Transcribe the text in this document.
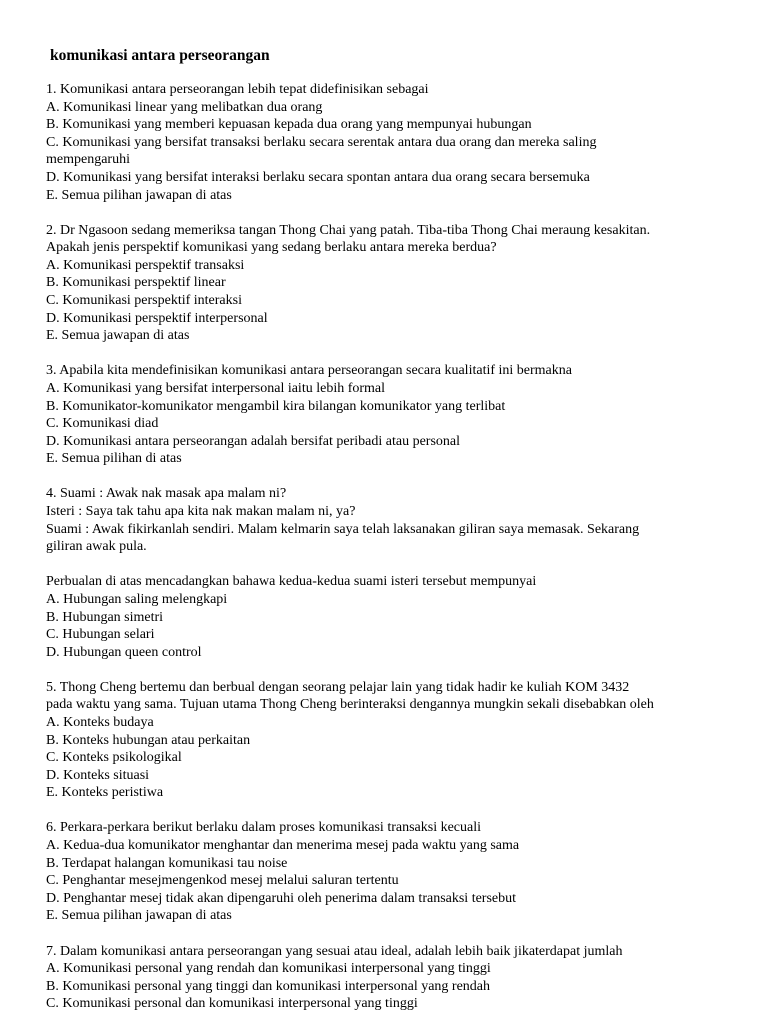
komunikasi antara perseorangan
1. Komunikasi antara perseorangan lebih tepat didefinisikan sebagai
A. Komunikasi linear yang melibatkan dua orang
B. Komunikasi yang memberi kepuasan kepada dua orang yang mempunyai hubungan
C. Komunikasi yang bersifat transaksi berlaku secara serentak antara dua orang dan mereka saling
mempengaruhi
D. Komunikasi yang bersifat interaksi berlaku secara spontan antara dua orang secara bersemuka
E. Semua pilihan jawapan di atas
2. Dr Ngasoon sedang memeriksa tangan Thong Chai yang patah. Tiba-tiba Thong Chai meraung kesakitan.
Apakah jenis perspektif komunikasi yang sedang berlaku antara mereka berdua?
A. Komunikasi perspektif transaksi
B. Komunikasi perspektif linear
C. Komunikasi perspektif interaksi
D. Komunikasi perspektif interpersonal
E. Semua jawapan di atas
3. Apabila kita mendefinisikan komunikasi antara perseorangan secara kualitatif ini bermakna
A. Komunikasi yang bersifat interpersonal iaitu lebih formal
B. Komunikator-komunikator mengambil kira bilangan komunikator yang terlibat
C. Komunikasi diad
D. Komunikasi antara perseorangan adalah bersifat peribadi atau personal
E. Semua pilihan di atas
4. Suami : Awak nak masak apa malam ni?
Isteri : Saya tak tahu apa kita nak makan malam ni, ya?
Suami : Awak fikirkanlah sendiri. Malam kelmarin saya telah laksanakan giliran saya memasak. Sekarang
giliran awak pula.
Perbualan di atas mencadangkan bahawa kedua-kedua suami isteri tersebut mempunyai
A. Hubungan saling melengkapi
B. Hubungan simetri
C. Hubungan selari
D. Hubungan queen control
5. Thong Cheng bertemu dan berbual dengan seorang pelajar lain yang tidak hadir ke kuliah KOM 3432
pada waktu yang sama. Tujuan utama Thong Cheng berinteraksi dengannya mungkin sekali disebabkan oleh
A. Konteks budaya
B. Konteks hubungan atau perkaitan
C. Konteks psikologikal
D. Konteks situasi
E. Konteks peristiwa
6. Perkara-perkara berikut berlaku dalam proses komunikasi transaksi kecuali
A. Kedua-dua komunikator menghantar dan menerima mesej pada waktu yang sama
B. Terdapat halangan komunikasi tau noise
C. Penghantar mesejmengenkod mesej melalui saluran tertentu
D. Penghantar mesej tidak akan dipengaruhi oleh penerima dalam transaksi tersebut
E. Semua pilihan jawapan di atas
7. Dalam komunikasi antara perseorangan yang sesuai atau ideal, adalah lebih baik jikaterdapat jumlah
A. Komunikasi personal yang rendah dan komunikasi interpersonal yang tinggi
B. Komunikasi personal yang tinggi dan komunikasi interpersonal yang rendah
C. Komunikasi personal dan komunikasi interpersonal yang tinggi
